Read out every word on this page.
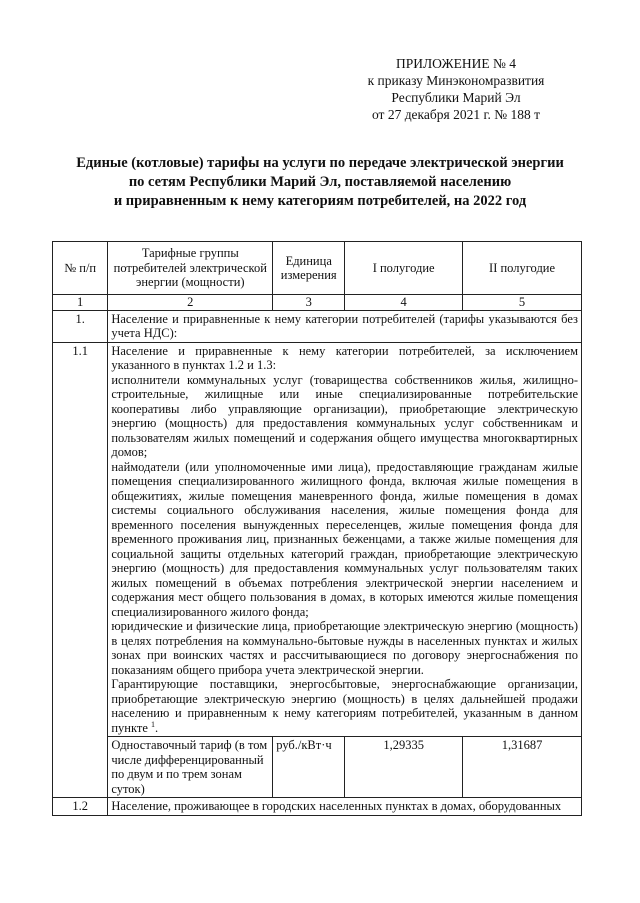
ПРИЛОЖЕНИЕ № 4
к приказу Минэкономразвития
Республики Марий Эл
от 27 декабря 2021 г. № 188 т
Единые (котловые) тарифы на услуги по передаче электрической энергии
по сетям Республики Марий Эл, поставляемой населению
и приравненным к нему категориям потребителей, на 2022 год
№ п/п	Тарифные группы потребителей электрической энергии (мощности)	Единица измерения	I полугодие	II полугодие
1	2	3	4	5
1.	Население и приравненные к нему категории потребителей (тарифы указываются без учета НДС):			
1.1	Население и приравненные к нему категории потребителей, за исключением указанного в пунктах 1.2 и 1.3:

исполнители коммунальных услуг (товарищества собственников жилья, жилищно-строительные, жилищные или иные специализированные потребительские кооперативы либо управляющие организации), приобретающие электрическую энергию (мощность) для предоставления коммунальных услуг собственникам и пользователям жилых помещений и содержания общего имущества многоквартирных домов;

наймодатели (или уполномоченные ими лица), предоставляющие гражданам жилые помещения специализированного жилищного фонда, включая жилые помещения в общежитиях, жилые помещения маневренного фонда, жилые помещения в домах системы социального обслуживания населения, жилые помещения фонда для временного поселения вынужденных переселенцев, жилые помещения фонда для временного проживания лиц, признанных беженцами, а также жилые помещения для социальной защиты отдельных категорий граждан, приобретающие электрическую энергию (мощность) для предоставления коммунальных услуг пользователям таких жилых помещений в объемах потребления электрической энергии населением и содержания мест общего пользования в домах, в которых имеются жилые помещения специализированного жилого фонда;

юридические и физические лица, приобретающие электрическую энергию (мощность) в целях потребления на коммунально-бытовые нужды в населенных пунктах и жилых зонах при воинских частях и рассчитывающиеся по договору энергоснабжения по показаниям общего прибора учета электрической энергии.

Гарантирующие поставщики, энергосбытовые, энергоснабжающие организации, приобретающие электрическую энергию (мощность) в целях дальнейшей продажи населению и приравненным к нему категориям потребителей, указанным в данном пункте $^1$.			

	Одноставочный тариф (в том числе дифференцированный по двум и по трем зонам суток)	руб./кВт·ч	1,29335	1,31687
1.2	Население, проживающее в городских населенных пунктах в домах, оборудованных			
